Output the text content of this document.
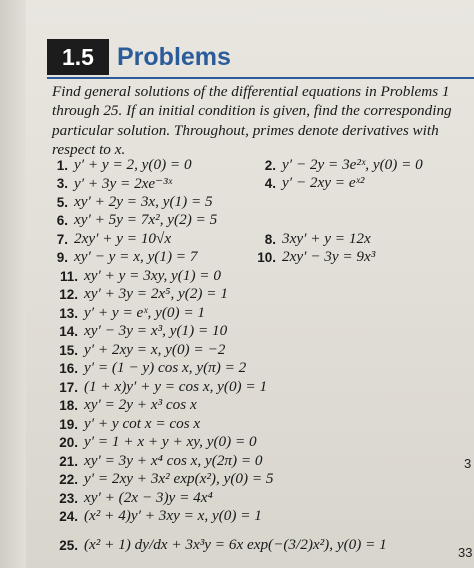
1.5 Problems
Find general solutions of the differential equations in Problems 1 through 25. If an initial condition is given, find the corresponding particular solution. Throughout, primes denote derivatives with respect to x.
1. y′ + y = 2, y(0) = 0	2. y′ − 2y = 3e²ˣ, y(0) = 0
3. y′ + 3y = 2xe⁻³ˣ	4. y′ − 2xy = eˣ²
5. xy′ + 2y = 3x, y(1) = 5
6. xy′ + 5y = 7x², y(2) = 5
7. 2xy′ + y = 10√x	8. 3xy′ + y = 12x
9. xy′ − y = x, y(1) = 7	10. 2xy′ − 3y = 9x³
11. xy′ + y = 3xy, y(1) = 0
12. xy′ + 3y = 2x⁵, y(2) = 1
13. y′ + y = eˣ, y(0) = 1
14. xy′ − 3y = x³, y(1) = 10
15. y′ + 2xy = x, y(0) = −2
16. y′ = (1 − y) cos x, y(π) = 2
17. (1 + x)y′ + y = cos x, y(0) = 1
18. xy′ = 2y + x³ cos x
19. y′ + y cot x = cos x
20. y′ = 1 + x + y + xy, y(0) = 0
21. xy′ = 3y + x⁴ cos x, y(2π) = 0
22. y′ = 2xy + 3x² exp(x²), y(0) = 5
23. xy′ + (2x − 3)y = 4x⁴
24. (x² + 4)y′ + 3xy = x, y(0) = 1
25. (x² + 1) dy/dx + 3x³y = 6x exp(−(3/2)x²), y(0) = 1
3
33
